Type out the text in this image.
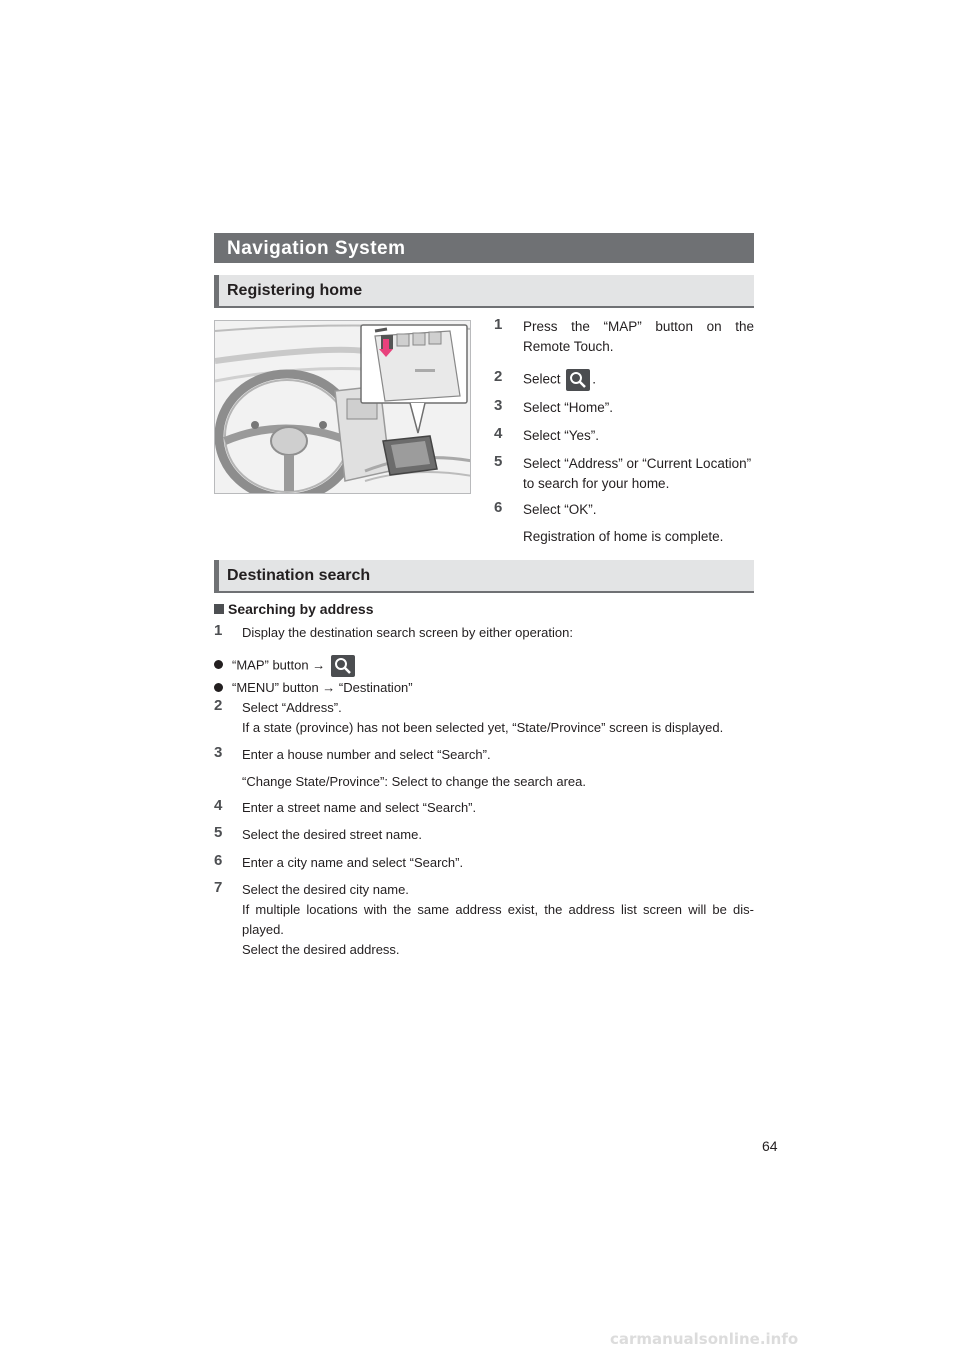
Navigation System
Registering home
1	Press the “MAP” button on the Remote Touch.
2	Select .
3	Select “Home”.
4	Select “Yes”.
5	Select “Address” or “Current Location” to search for your home.
6	Select “OK”.
Registration of home is complete.
Destination search
Searching by address
1	Display the destination search screen by either operation:
“MAP” button →
“MENU” button → “Destination”
2	Select “Address”.
If a state (province) has not been selected yet, “State/Province” screen is displayed.
3	Enter a house number and select “Search”.
“Change State/Province”: Select to change the search area.
4	Enter a street name and select “Search”.
5	Select the desired street name.
6	Enter a city name and select “Search”.
7	Select the desired city name.
If multiple locations with the same address exist, the address list screen will be dis-played.
Select the desired address.
64
carmanualsonline.info
